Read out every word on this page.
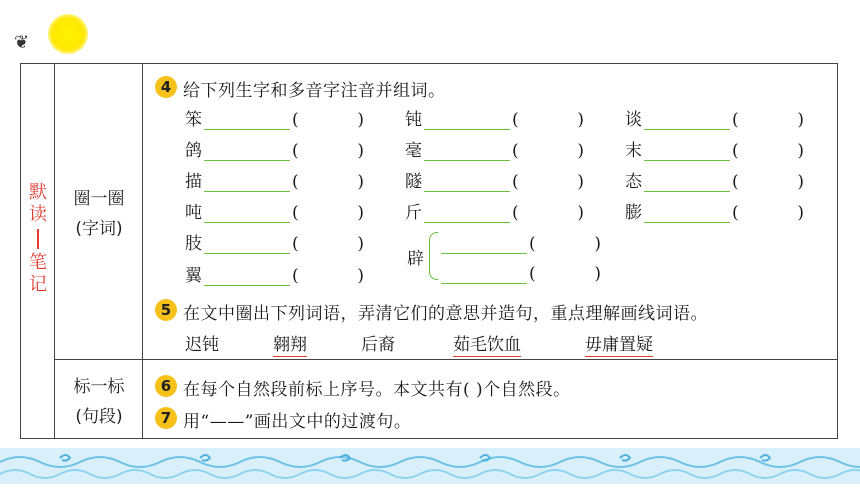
❦
默
读
笔
记
圈一圈
(字词)
标一标
(句段)
4 给下列生字和多音字注音并组词。
笨	(	) 钝	(	) 谈	(	)
鸽	(	) 毫	(	) 末	(	)
描	(	) 隧	(	) 态	(	)
吨	(	) 斤	(	) 膨	(	)
肢	(	)
翼	(	)
辟
(	)
(	)
5 在文中圈出下列词语，弄清它们的意思并造句，重点理解画线词语。
迟钝	翱翔	后裔	茹毛饮血	毋庸置疑
6 在每个自然段前标上序号。本文共有( )个自然段。
7 用“——”画出文中的过渡句。
